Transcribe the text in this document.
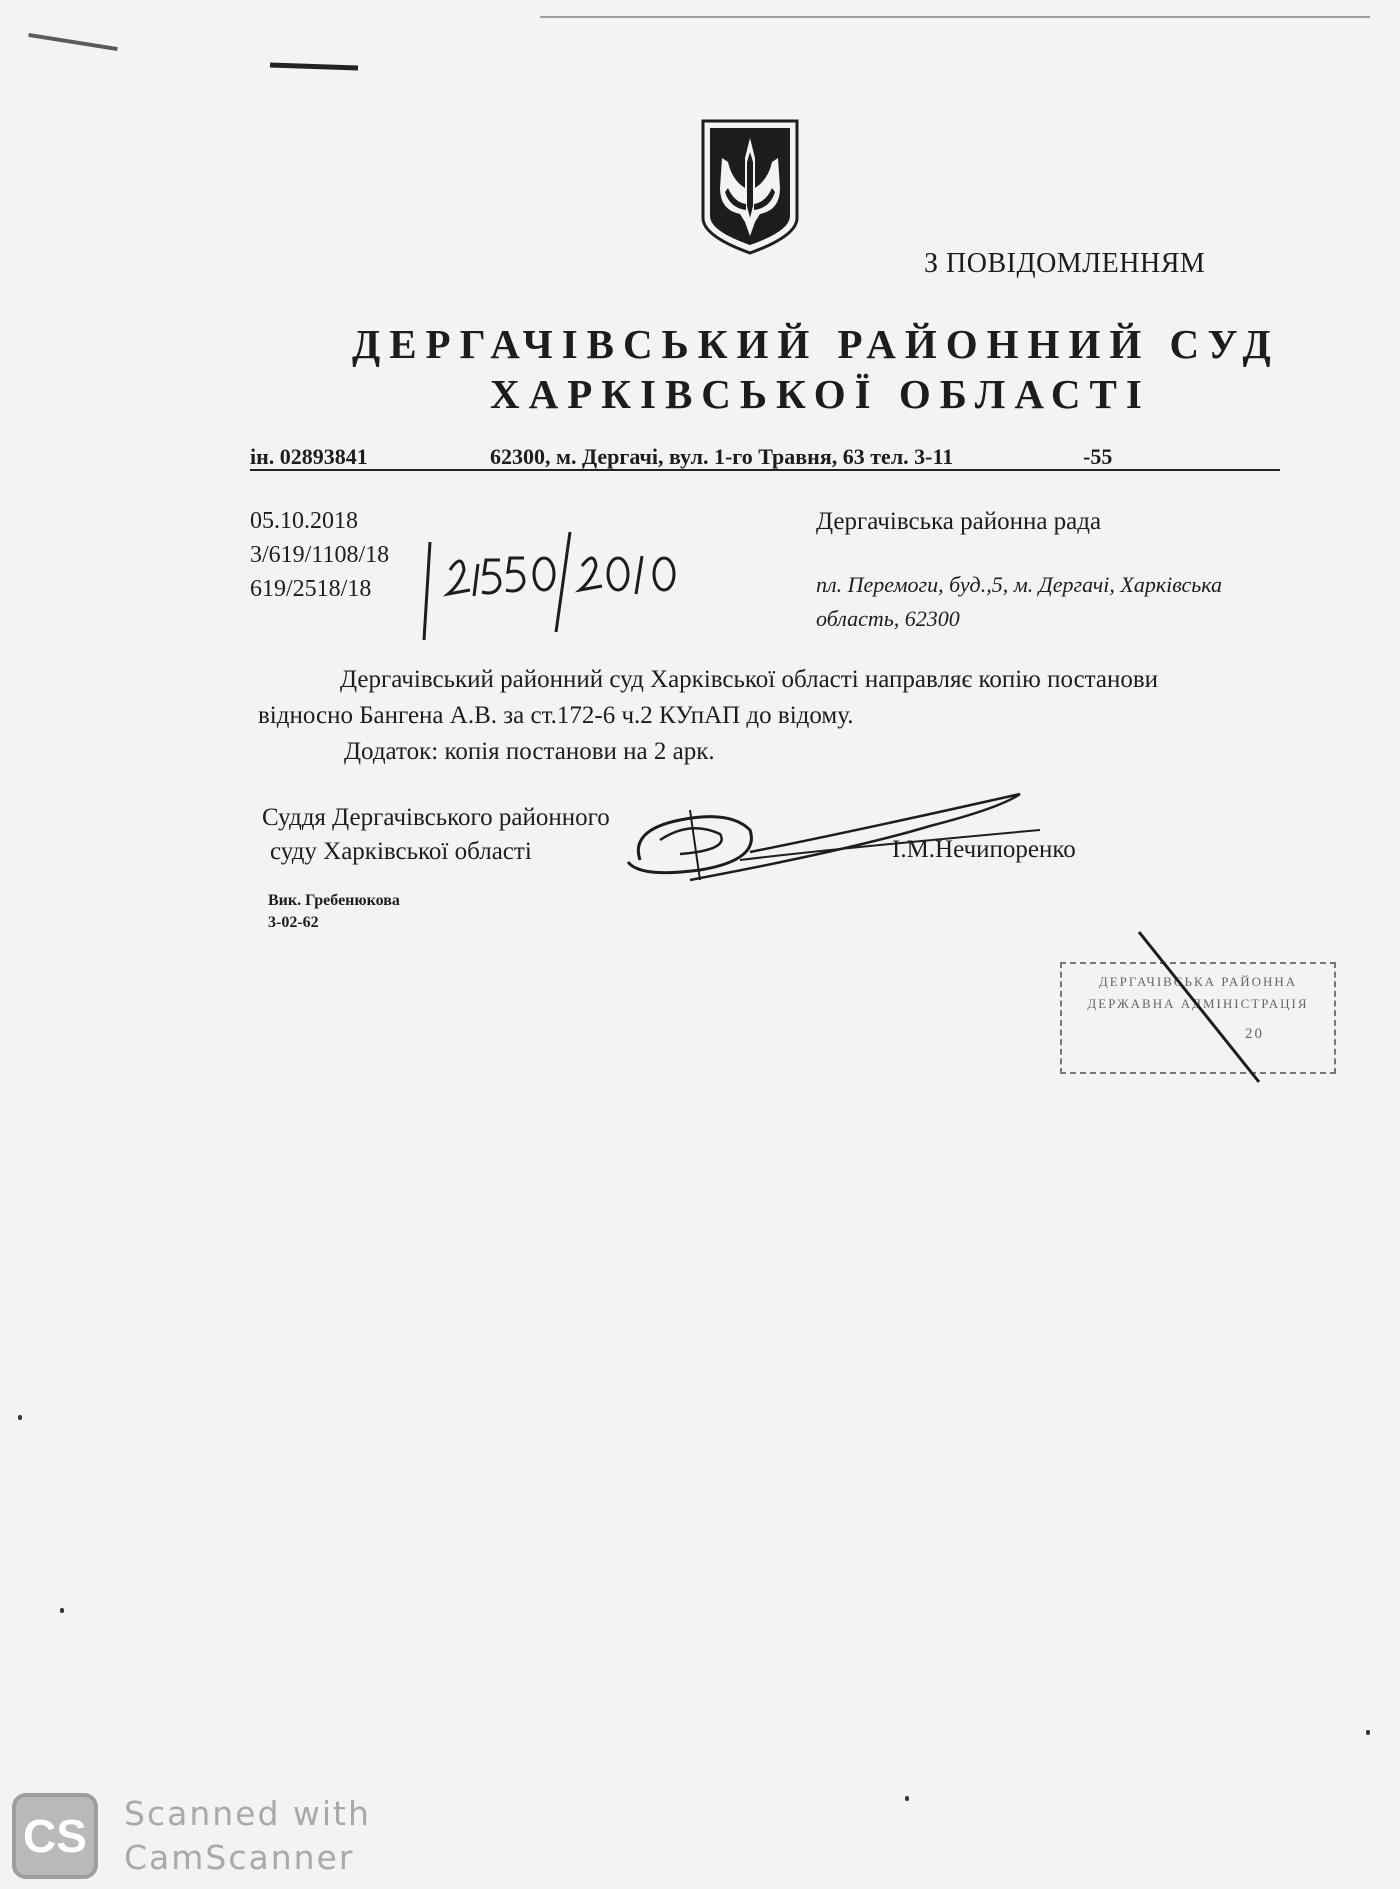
З ПОВІДОМЛЕННЯМ
ДЕРГАЧІВСЬКИЙ РАЙОННИЙ СУД
ХАРКІВСЬКОЇ ОБЛАСТІ
ін. 02893841	62300, м. Дергачі, вул. 1-го Травня, 63 тел. 3-11	-55
05.10.2018
3/619/1108/18
619/2518/18
Дергачівська районна рада
пл. Перемоги, буд.,5, м. Дергачі, Харківська
область, 62300
Дергачівський районний суд Харківської області направляє копію постанови
відносно Бангена А.В. за ст.172-6 ч.2 КУпАП до відому.
Додаток: копія постанови на 2 арк.
Суддя Дергачівського районного
суду Харківської області	І.М.Нечипоренко
Вик. Гребенюкова
3-02-62
ДЕРГАЧІВСЬКА РАЙОННА
ДЕРЖАВНА АДМІНІСТРАЦІЯ
20
CS	Scanned with
CamScanner
